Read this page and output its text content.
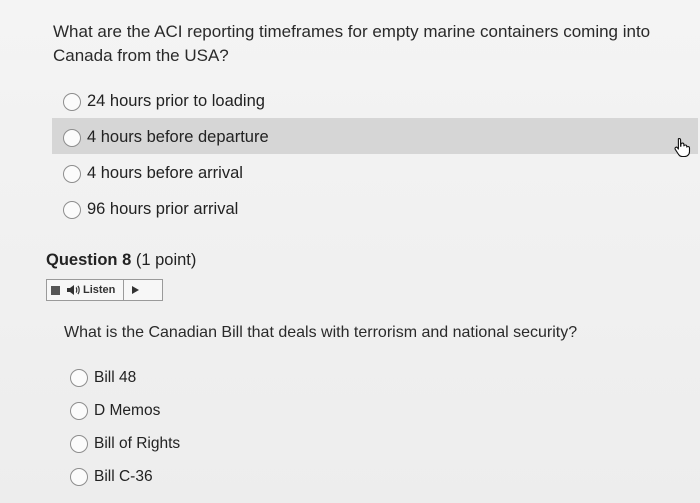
What are the ACI reporting timeframes for empty marine containers coming into Canada from the USA?
24 hours prior to loading
4 hours before departure
4 hours before arrival
96 hours prior arrival
Question 8 (1 point)
Listen
What is the Canadian Bill that deals with terrorism and national security?
Bill 48
D Memos
Bill of Rights
Bill C-36
